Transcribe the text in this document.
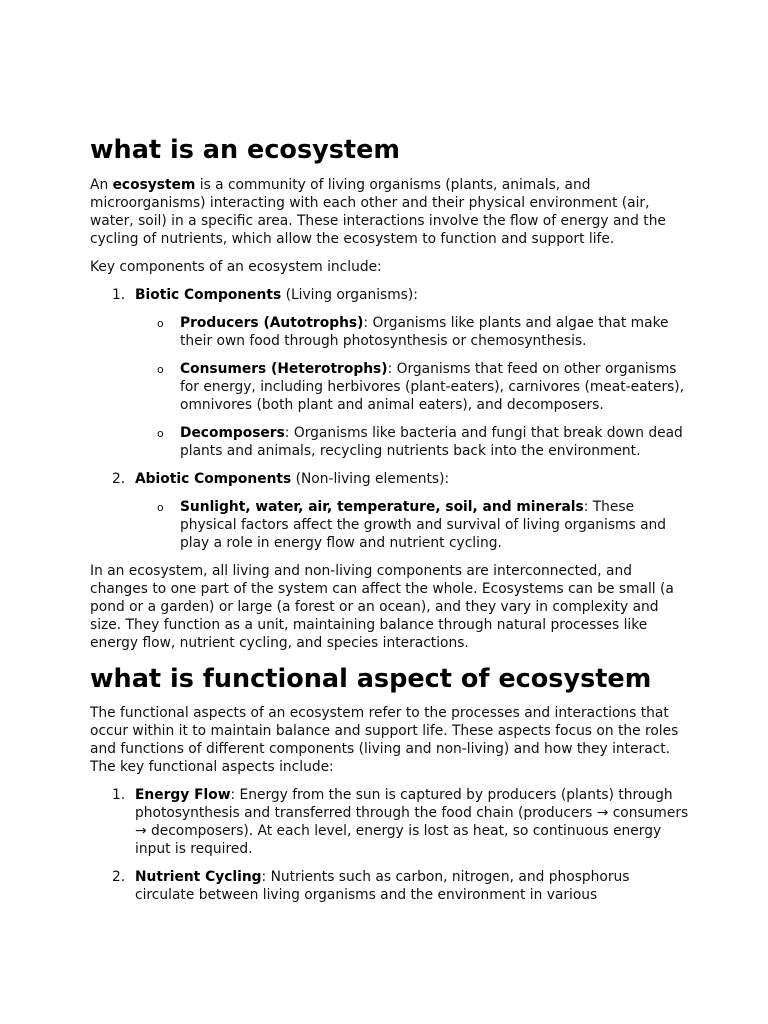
what is an ecosystem

An ecosystem is a community of living organisms (plants, animals, and microorganisms) interacting with each other and their physical environment (air, water, soil) in a specific area. These interactions involve the flow of energy and the cycling of nutrients, which allow the ecosystem to function and support life.

Key components of an ecosystem include:

1. Biotic Components (Living organisms):
o Producers (Autotrophs): Organisms like plants and algae that make their own food through photosynthesis or chemosynthesis.
o Consumers (Heterotrophs): Organisms that feed on other organisms for energy, including herbivores (plant-eaters), carnivores (meat-eaters), omnivores (both plant and animal eaters), and decomposers.
o Decomposers: Organisms like bacteria and fungi that break down dead plants and animals, recycling nutrients back into the environment.
2. Abiotic Components (Non-living elements):
o Sunlight, water, air, temperature, soil, and minerals: These physical factors affect the growth and survival of living organisms and play a role in energy flow and nutrient cycling.

In an ecosystem, all living and non-living components are interconnected, and changes to one part of the system can affect the whole. Ecosystems can be small (a pond or a garden) or large (a forest or an ocean), and they vary in complexity and size. They function as a unit, maintaining balance through natural processes like energy flow, nutrient cycling, and species interactions.

what is functional aspect of ecosystem

The functional aspects of an ecosystem refer to the processes and interactions that occur within it to maintain balance and support life. These aspects focus on the roles and functions of different components (living and non-living) and how they interact. The key functional aspects include:

1. Energy Flow: Energy from the sun is captured by producers (plants) through photosynthesis and transferred through the food chain (producers → consumers → decomposers). At each level, energy is lost as heat, so continuous energy input is required.
2. Nutrient Cycling: Nutrients such as carbon, nitrogen, and phosphorus circulate between living organisms and the environment in various
